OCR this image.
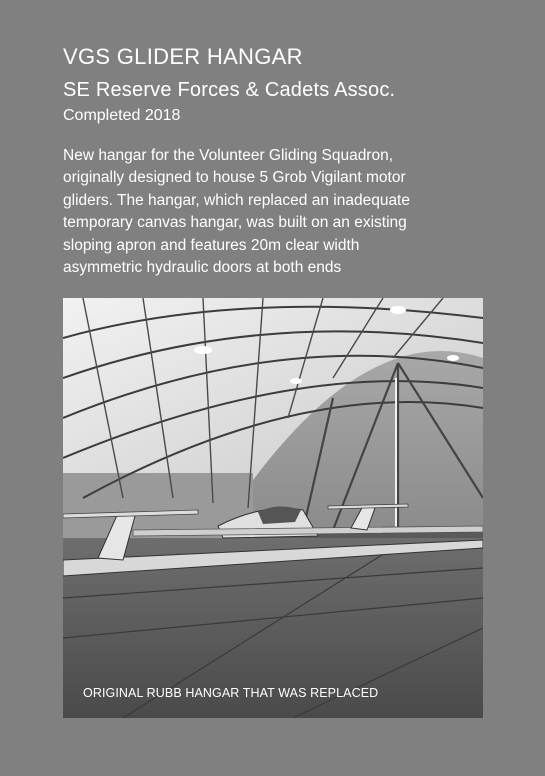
VGS GLIDER HANGAR
SE Reserve Forces & Cadets Assoc.
Completed 2018
New hangar for the Volunteer Gliding Squadron,
originally designed to house 5 Grob Vigilant motor
gliders. The hangar, which replaced an inadequate
temporary canvas hangar, was built on an existing
sloping apron and features 20m clear width
asymmetric hydraulic doors at both ends
ORIGINAL RUBB HANGAR THAT WAS REPLACED
